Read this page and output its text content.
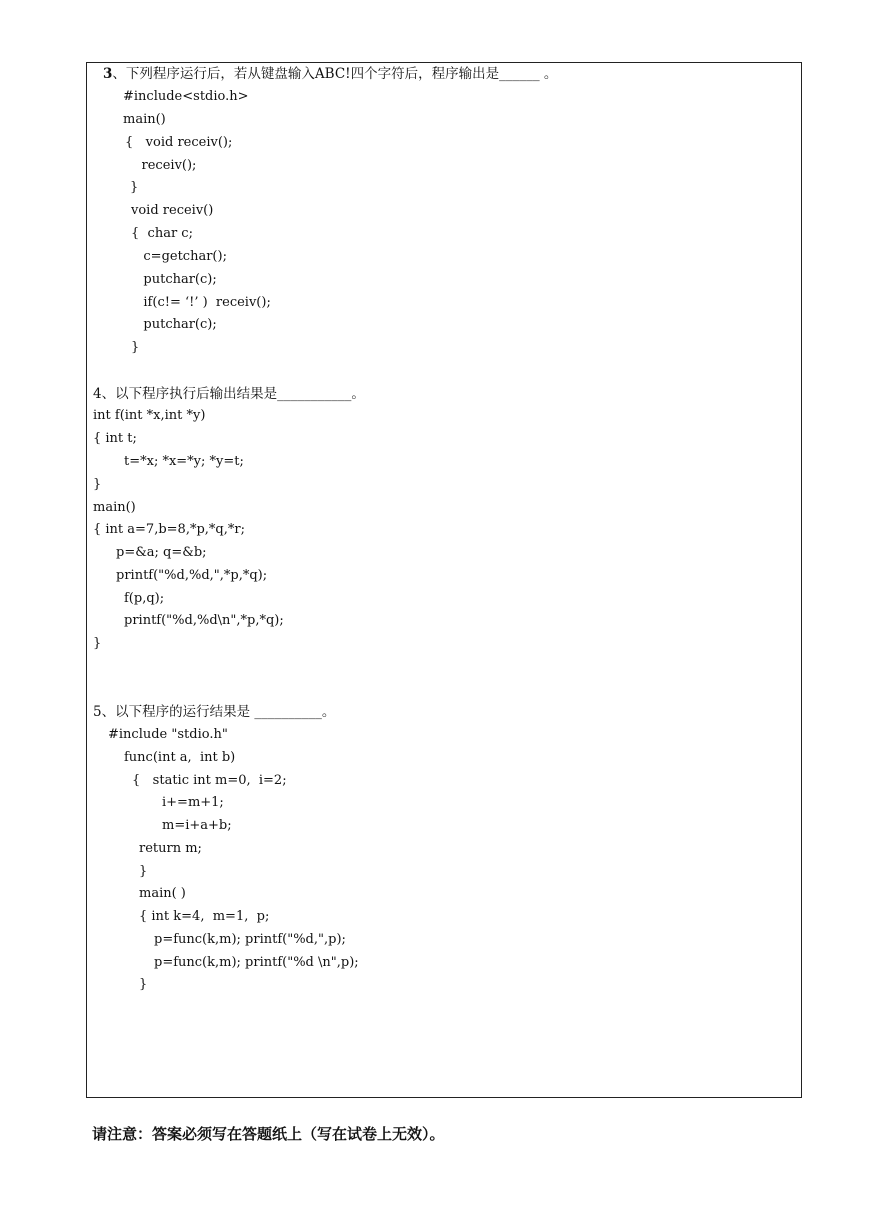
3、下列程序运行后，若从键盘输入ABC!四个字符后，程序输出是______ 。
#include<stdio.h>
main()
{   void receiv();
receiv();
}
void receiv()
{  char c;
c=getchar();
putchar(c);
if(c!= ‘!’ )  receiv();
putchar(c);
}
4、以下程序执行后输出结果是___________。
int f(int *x,int *y)
{ int t;
t=*x; *x=*y; *y=t;
}
main()
{ int a=7,b=8,*p,*q,*r;
p=&a; q=&b;
printf("%d,%d,",*p,*q);
f(p,q);
printf("%d,%d\n",*p,*q);
}
5、以下程序的运行结果是 __________。
#include "stdio.h"
func(int a,  int b)
{   static int m=0,  i=2;
i+=m+1;
m=i+a+b;
return m;
}
main( )
{ int k=4,  m=1,  p;
p=func(k,m); printf("%d,",p);
p=func(k,m); printf("%d \n",p);
}
请注意：答案必须写在答题纸上（写在试卷上无效）。
